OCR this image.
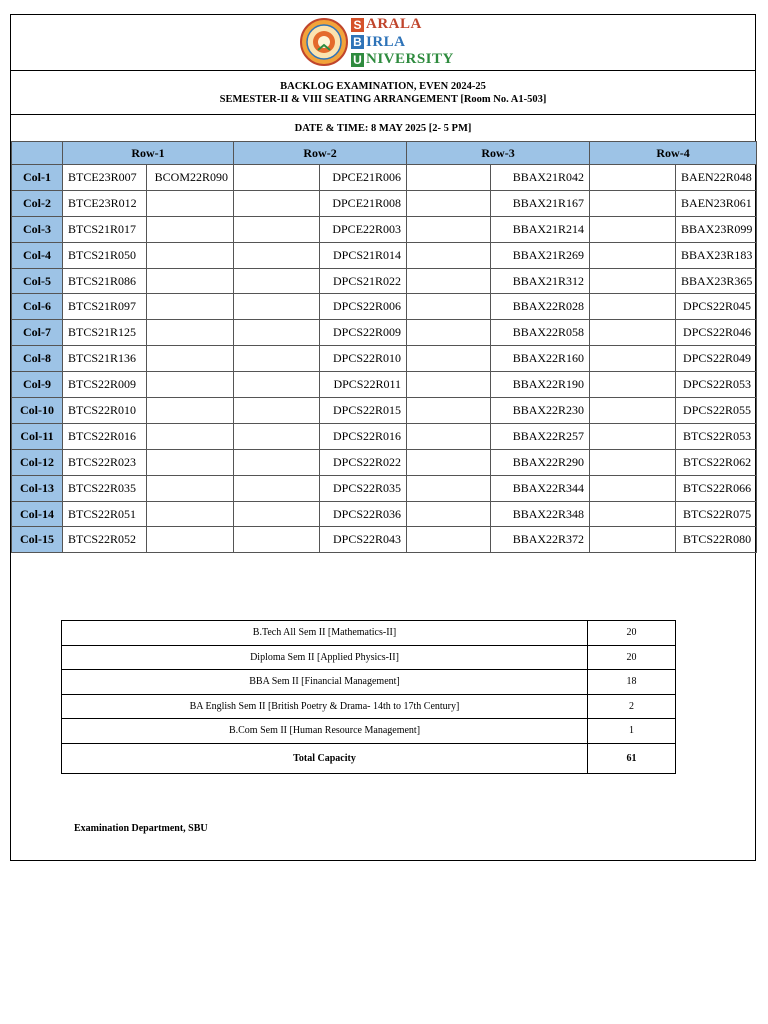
S ARALA
B IRLA
U NIVERSITY
BACKLOG EXAMINATION, EVEN 2024-25
SEMESTER-II & VIII SEATING ARRANGEMENT [Room No. A1-503]
DATE & TIME: 8 MAY 2025 [2- 5 PM]
	Row-1		Row-2		Row-3		Row-4	
Col-1	BTCE23R007	BCOM22R090		DPCE21R006		BBAX21R042		BAEN22R048
Col-2	BTCE23R012			DPCE21R008		BBAX21R167		BAEN23R061
Col-3	BTCS21R017			DPCE22R003		BBAX21R214		BBAX23R099
Col-4	BTCS21R050			DPCS21R014		BBAX21R269		BBAX23R183
Col-5	BTCS21R086			DPCS21R022		BBAX21R312		BBAX23R365
Col-6	BTCS21R097			DPCS22R006		BBAX22R028		DPCS22R045
Col-7	BTCS21R125			DPCS22R009		BBAX22R058		DPCS22R046
Col-8	BTCS21R136			DPCS22R010		BBAX22R160		DPCS22R049
Col-9	BTCS22R009			DPCS22R011		BBAX22R190		DPCS22R053
Col-10	BTCS22R010			DPCS22R015		BBAX22R230		DPCS22R055
Col-11	BTCS22R016			DPCS22R016		BBAX22R257		BTCS22R053
Col-12	BTCS22R023			DPCS22R022		BBAX22R290		BTCS22R062
Col-13	BTCS22R035			DPCS22R035		BBAX22R344		BTCS22R066
Col-14	BTCS22R051			DPCS22R036		BBAX22R348		BTCS22R075
Col-15	BTCS22R052			DPCS22R043		BBAX22R372		BTCS22R080
B.Tech All Sem II [Mathematics-II]	20
Diploma Sem II [Applied Physics-II]	20
BBA Sem II [Financial Management]	18
BA English Sem II [British Poetry & Drama- 14th to 17th Century]	2
B.Com Sem II [Human Resource Management]	1
Total Capacity	61
Examination Department, SBU
